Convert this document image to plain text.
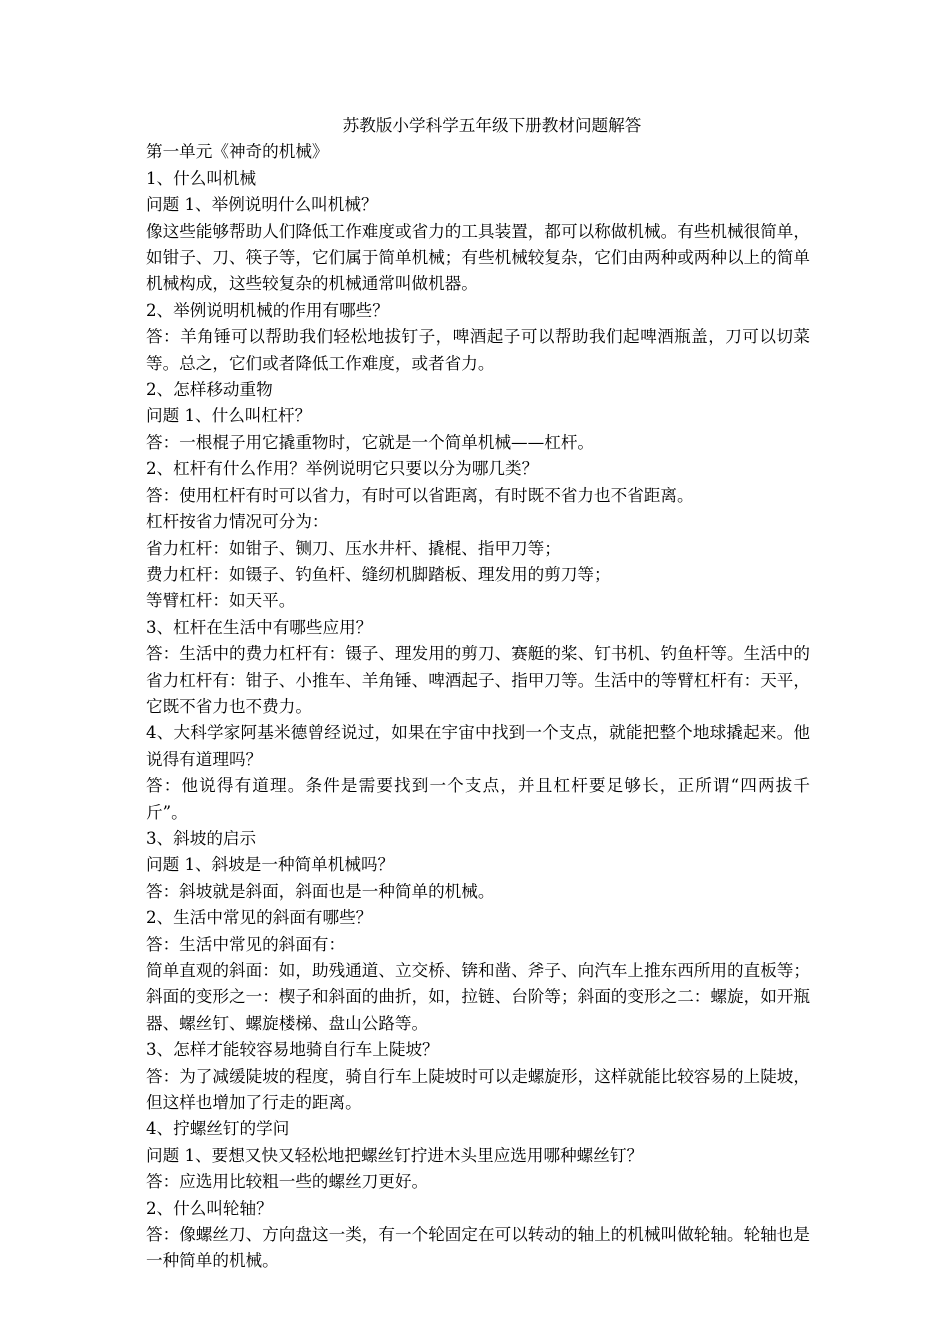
苏教版小学科学五年级下册教材问题解答

第一单元《神奇的机械》

1、什么叫机械

问题 1、举例说明什么叫机械？

像这些能够帮助人们降低工作难度或省力的工具装置，都可以称做机械。有些机械很简单，如钳子、刀、筷子等，它们属于简单机械；有些机械较复杂，它们由两种或两种以上的简单机械构成，这些较复杂的机械通常叫做机器。

2、举例说明机械的作用有哪些？

答：羊角锤可以帮助我们轻松地拔钉子，啤酒起子可以帮助我们起啤酒瓶盖，刀可以切菜等。总之，它们或者降低工作难度，或者省力。

2、怎样移动重物

问题 1、什么叫杠杆？

答：一根棍子用它撬重物时，它就是一个简单机械——杠杆。

2、杠杆有什么作用？举例说明它只要以分为哪几类？

答：使用杠杆有时可以省力，有时可以省距离，有时既不省力也不省距离。

杠杆按省力情况可分为：

省力杠杆：如钳子、铡刀、压水井杆、撬棍、指甲刀等；

费力杠杆：如镊子、钓鱼杆、缝纫机脚踏板、理发用的剪刀等；

等臂杠杆：如天平。

3、杠杆在生活中有哪些应用？

答：生活中的费力杠杆有：镊子、理发用的剪刀、赛艇的桨、钉书机、钓鱼杆等。生活中的省力杠杆有：钳子、小推车、羊角锤、啤酒起子、指甲刀等。生活中的等臂杠杆有：天平，它既不省力也不费力。

4、大科学家阿基米德曾经说过，如果在宇宙中找到一个支点，就能把整个地球撬起来。他说得有道理吗？

答：他说得有道理。条件是需要找到一个支点，并且杠杆要足够长，正所谓“四两拔千斤”。

3、斜坡的启示

问题 1、斜坡是一种简单机械吗？

答：斜坡就是斜面，斜面也是一种简单的机械。

2、生活中常见的斜面有哪些？

答：生活中常见的斜面有：

简单直观的斜面：如，助残通道、立交桥、锛和凿、斧子、向汽车上推东西所用的直板等；斜面的变形之一：楔子和斜面的曲折，如，拉链、台阶等；斜面的变形之二：螺旋，如开瓶器、螺丝钉、螺旋楼梯、盘山公路等。

3、怎样才能较容易地骑自行车上陡坡？

答：为了减缓陡坡的程度，骑自行车上陡坡时可以走螺旋形，这样就能比较容易的上陡坡，但这样也增加了行走的距离。

4、拧螺丝钉的学问

问题 1、要想又快又轻松地把螺丝钉拧进木头里应选用哪种螺丝钉？

答：应选用比较粗一些的螺丝刀更好。

2、什么叫轮轴？

答：像螺丝刀、方向盘这一类，有一个轮固定在可以转动的轴上的机械叫做轮轴。轮轴也是一种简单的机械。
